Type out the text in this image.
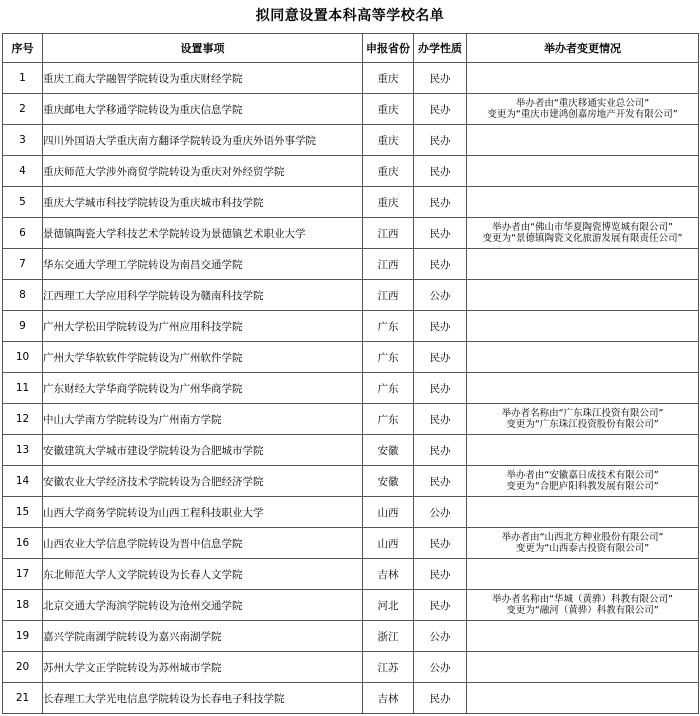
拟同意设置本科高等学校名单
序号	设置事项	申报省份	办学性质	举办者变更情况
1	重庆工商大学融智学院转设为重庆财经学院	重庆	民办	

2	重庆邮电大学移通学院转设为重庆信息学院	重庆	民办	举办者由“重庆移通实业总公司”
变更为“重庆市建鸿创嘉房地产开发有限公司”

3	四川外国语大学重庆南方翻译学院转设为重庆外语外事学院	重庆	民办	

4	重庆师范大学涉外商贸学院转设为重庆对外经贸学院	重庆	民办	

5	重庆大学城市科技学院转设为重庆城市科技学院	重庆	民办	

6	景德镇陶瓷大学科技艺术学院转设为景德镇艺术职业大学	江西	民办	举办者由“佛山市华夏陶瓷博览城有限公司”
变更为“景德镇陶瓷文化旅游发展有限责任公司”

7	华东交通大学理工学院转设为南昌交通学院	江西	民办	

8	江西理工大学应用科学学院转设为赣南科技学院	江西	公办	

9	广州大学松田学院转设为广州应用科技学院	广东	民办	

10	广州大学华软软件学院转设为广州软件学院	广东	民办	

11	广东财经大学华商学院转设为广州华商学院	广东	民办	

12	中山大学南方学院转设为广州南方学院	广东	民办	举办者名称由“广东珠江投资有限公司”
变更为“广东珠江投资股份有限公司”

13	安徽建筑大学城市建设学院转设为合肥城市学院	安徽	民办	

14	安徽农业大学经济技术学院转设为合肥经济学院	安徽	民办	举办者由“安徽嘉日成技术有限公司”
变更为“合肥庐阳科教发展有限公司”

15	山西大学商务学院转设为山西工程科技职业大学	山西	公办	

16	山西农业大学信息学院转设为晋中信息学院	山西	民办	举办者由“山西北方种业股份有限公司”
变更为“山西泰古投资有限公司”

17	东北师范大学人文学院转设为长春人文学院	吉林	民办	

18	北京交通大学海滨学院转设为沧州交通学院	河北	民办	举办者名称由“华城（黄骅）科教有限公司”
变更为“融河（黄骅）科教有限公司”

19	嘉兴学院南湖学院转设为嘉兴南湖学院	浙江	公办	

20	苏州大学文正学院转设为苏州城市学院	江苏	公办	

21	长春理工大学光电信息学院转设为长春电子科技学院	吉林	民办	
